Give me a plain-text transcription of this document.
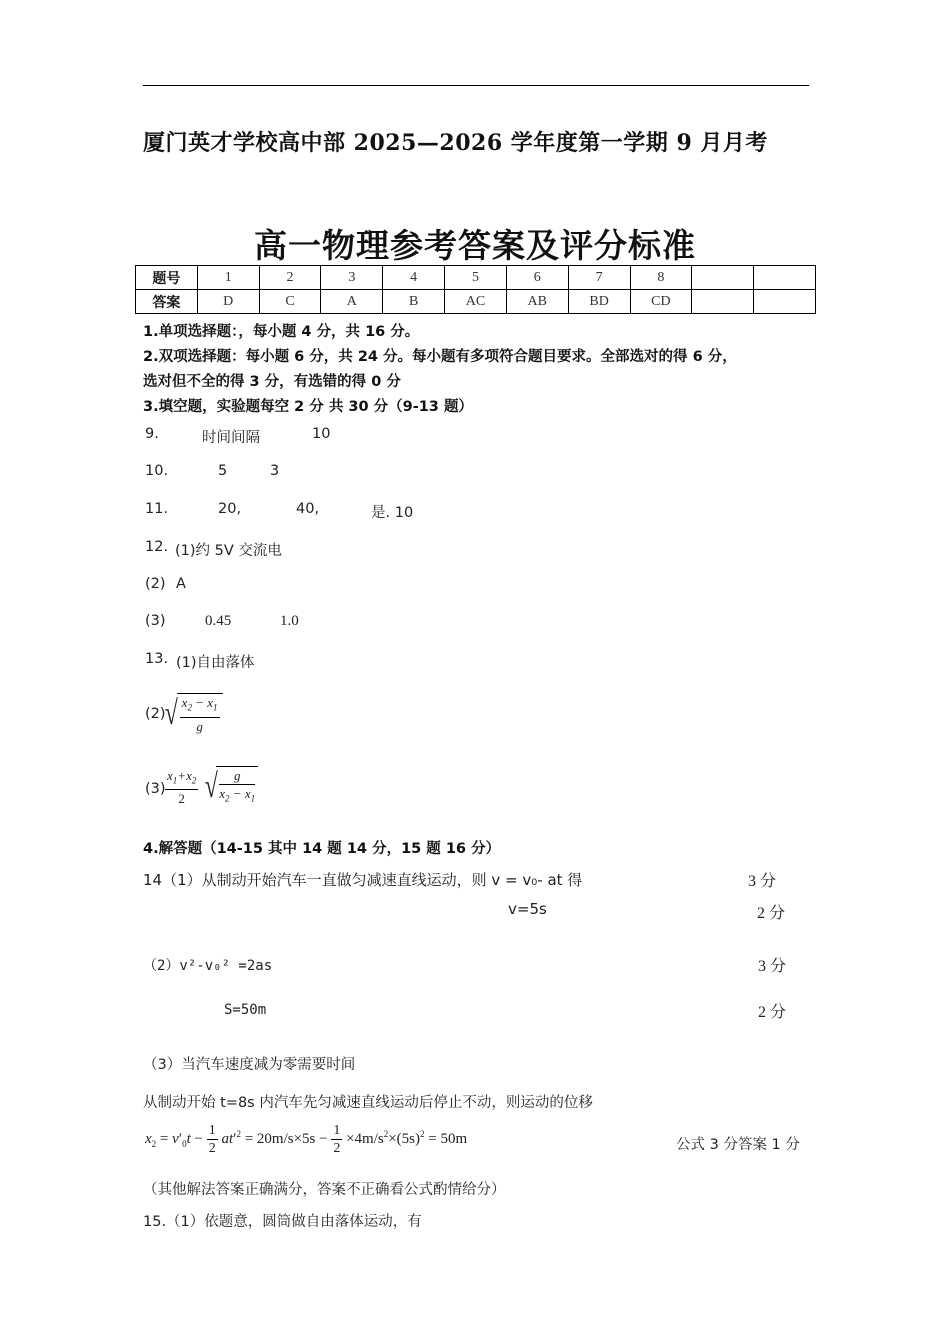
厦门英才学校高中部 2025—2026 学年度第一学期 9 月月考
高一物理参考答案及评分标准
题号	1	2	3	4	5	6	7	8		
答案	D	C	A	B	AC	AB	BD	CD		
1.单项选择题：，每小题 4 分，共 16 分。
2.双项选择题：每小题 6 分，共 24 分。每小题有多项符合题目要求。全部选对的得 6 分，
选对但不全的得 3 分，有选错的得 0 分
3.填空题，实验题每空 2 分 共 30 分（9-13 题）
9.	时间间隔	10
10.	5	3
11.	20,	40,	是. 10
12. (1)约 5V 交流电
(2) A
(3)	0.45	1.0
13. (1)自由落体
(2) √ $\frac{x_2 - x_1}{g}$
$(3) \frac{x_1+x_2}{2}$ √ $\frac{g}{x_2 - x_1}$
4.解答题（14-15 其中 14 题 14 分，15 题 16 分）
14（1）从制动开始汽车一直做匀减速直线运动，则 v = v₀- at 得	3 分
v=5s	2 分
（2）v²-v₀² =2as	3 分
S=50m	2 分
（3）当汽车速度减为零需要时间
从制动开始 t=8s 内汽车先匀减速直线运动后停止不动，则运动的位移
$x_2 = v'_0t - \frac{1}{2} at'^2 = 20m/s\times 5s - \frac{1}{2} \times 4m/s^2\times(5s)^2 = 50m$	公式 3 分答案 1 分
（其他解法答案正确满分，答案不正确看公式酌情给分）
15.（1）依题意，圆筒做自由落体运动，有
